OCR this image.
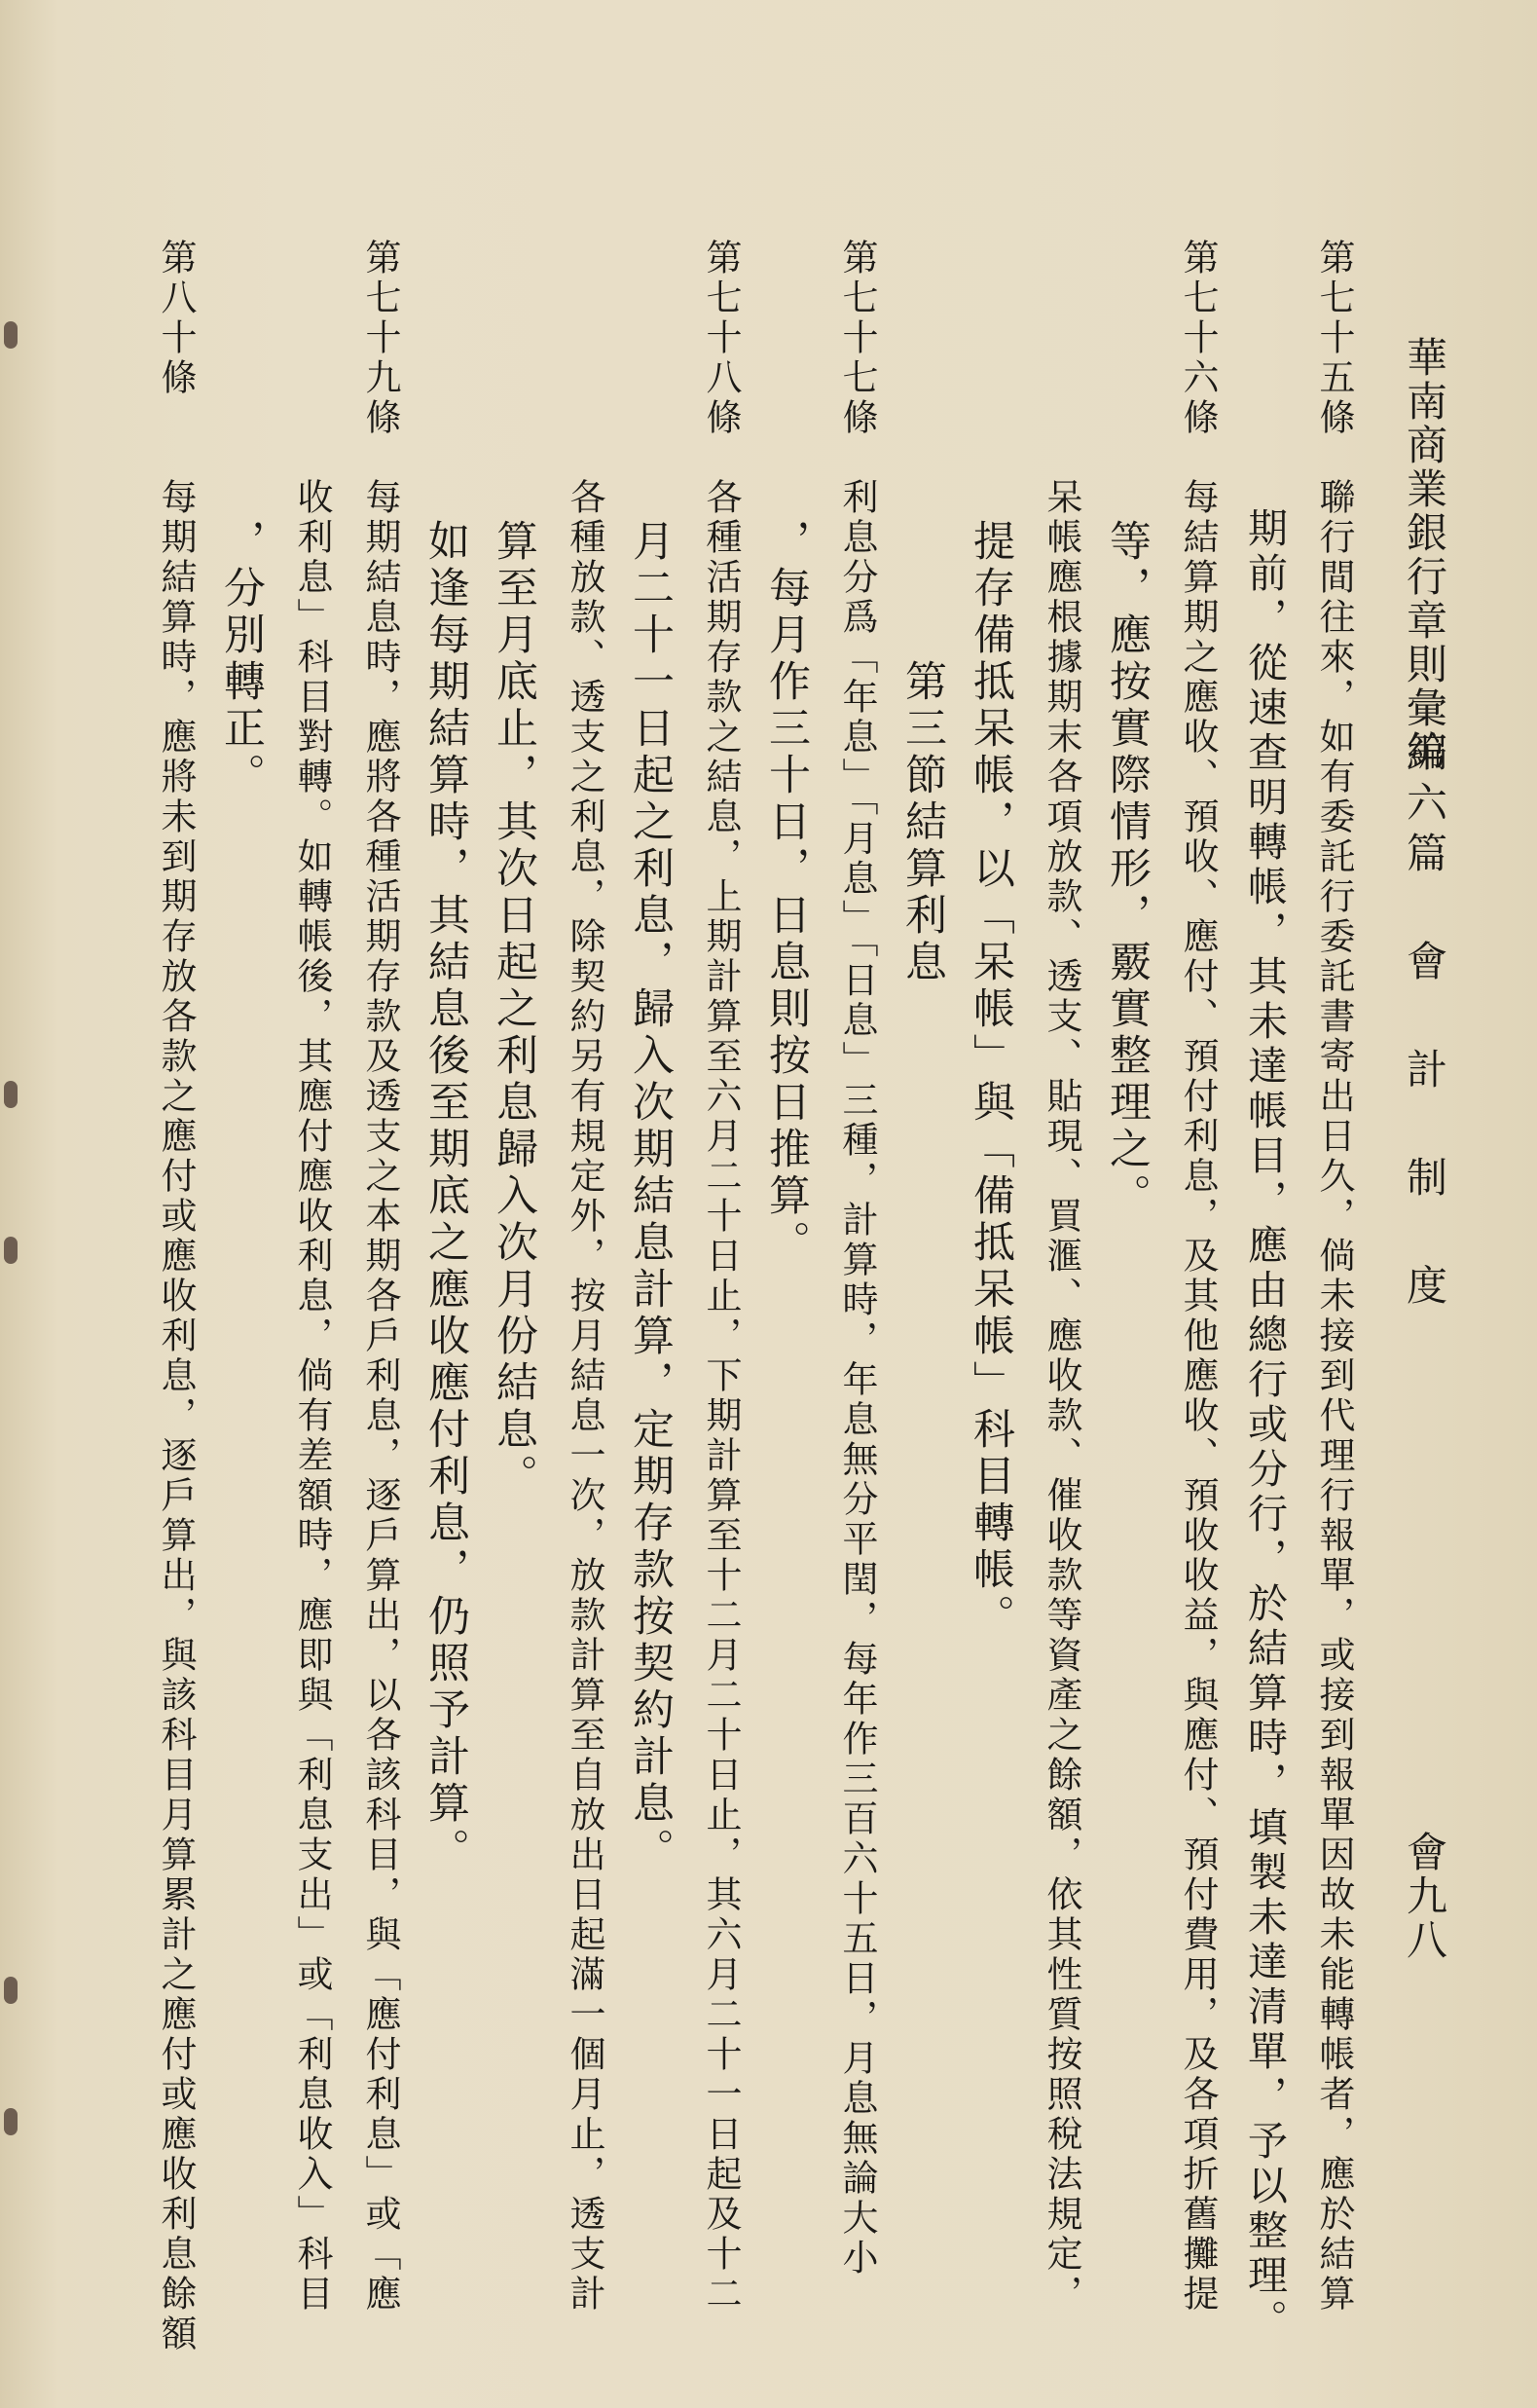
華南商業銀行章則彙編
第六篇 會 計 制 度
會九八
第七十五條　聯行間往來，如有委託行委託書寄出日久，倘未接到代理行報單，或接到報單因故未能轉帳者，應於結算
　　　　　　期前，從速查明轉帳，其未達帳目，應由總行或分行，於結算時，填製未達清單，予以整理。
第七十六條　每結算期之應收、預收、應付、預付利息，及其他應收、預收收益，與應付、預付費用，及各項折舊攤提
　　　　　　等，應按實際情形，覈實整理之。
　　　　　　呆帳應根據期末各項放款、透支、貼現、買滙、應收款、催收款等資產之餘額，依其性質按照稅法規定，
　　　　　　提存備抵呆帳，以「呆帳」與「備抵呆帳」科目轉帳。
　　　　　　　　　第三節結算利息
第七十七條　利息分爲「年息」「月息」「日息」三種，計算時，年息無分平閏，每年作三百六十五日，月息無論大小
　　　　　　，每月作三十日，日息則按日推算。
第七十八條　各種活期存款之結息，上期計算至六月二十日止，下期計算至十二月二十日止，其六月二十一日起及十二
　　　　　　月二十一日起之利息，歸入次期結息計算，定期存款按契約計息。
　　　　　　各種放款、透支之利息，除契約另有規定外，按月結息一次，放款計算至自放出日起滿一個月止，透支計
　　　　　　算至月底止，其次日起之利息歸入次月份結息。
　　　　　　如逢每期結算時，其結息後至期底之應收應付利息，仍照予計算。
第七十九條　每期結息時，應將各種活期存款及透支之本期各戶利息，逐戶算出，以各該科目，與「應付利息」或「應
　　　　　　收利息」科目對轉。如轉帳後，其應付應收利息，倘有差額時，應即與「利息支出」或「利息收入」科目
　　　　　　，分別轉正。
第八十條　　每期結算時，應將未到期存放各款之應付或應收利息，逐戶算出，與該科目月算累計之應付或應收利息餘額
